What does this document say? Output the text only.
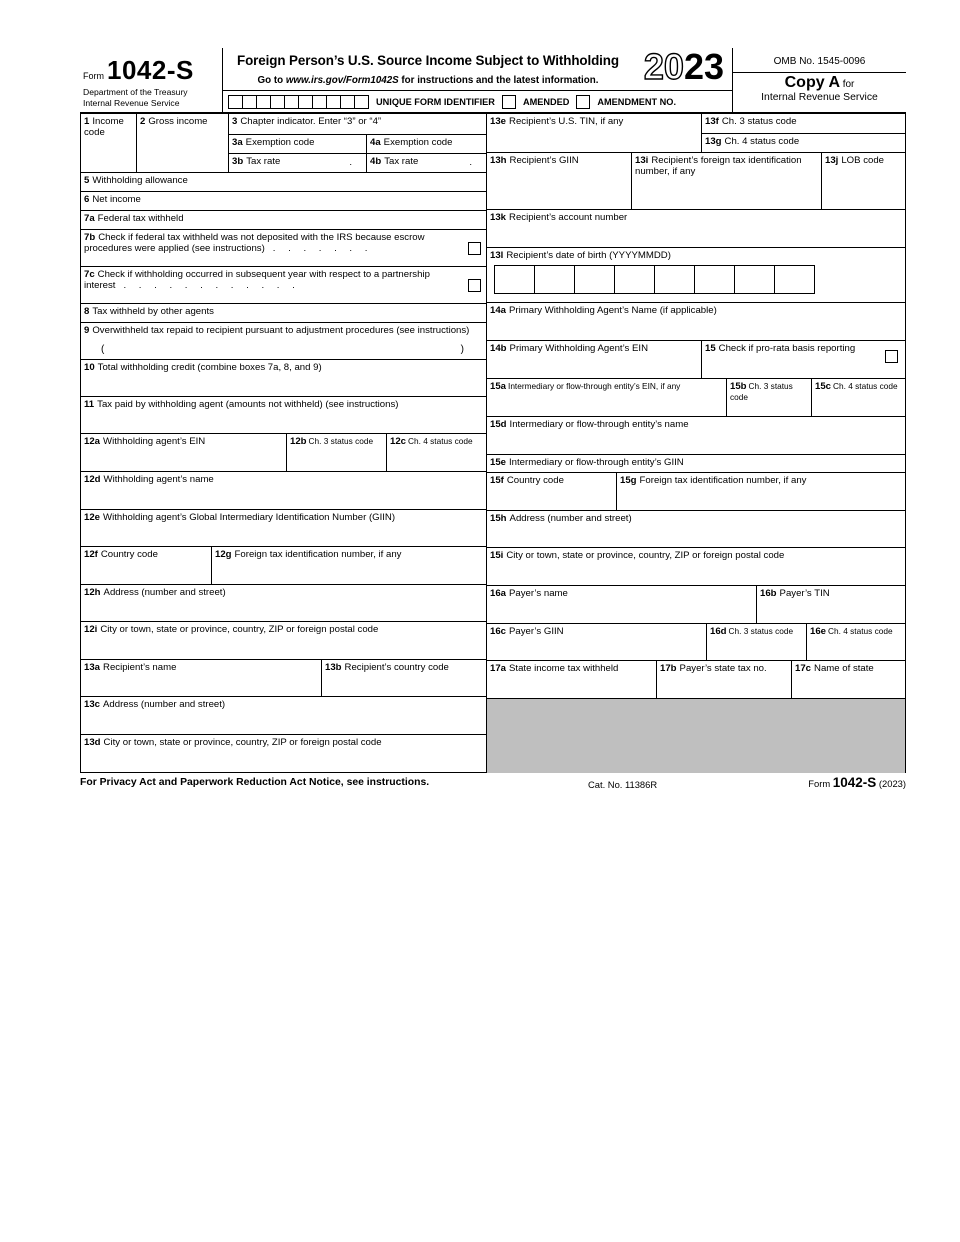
Form 1042-S
Department of the Treasury
Internal Revenue Service
Foreign Person’s U.S. Source Income Subject to Withholding
Go to www.irs.gov/Form1042S for instructions and the latest information.	2023
UNIQUE FORM IDENTIFIER	AMENDED	AMENDMENT NO.
OMB No. 1545-0096
Copy A for
Internal Revenue Service
1 Income code
2 Gross income	3 Chapter indicator. Enter “3” or “4”
3a Exemption code	4a Exemption code
3b Tax rate	.	4b Tax rate	.
5 Withholding allowance
6 Net income
7a Federal tax withheld
7b Check if federal tax withheld was not deposited with the IRS because escrow procedures were applied (see instructions) . . . . . . .
7c Check if withholding occurred in subsequent year with respect to a partnership interest . . . . . . . . . . . .
8 Tax withheld by other agents
9 Overwithheld tax repaid to recipient pursuant to adjustment procedures (see instructions)
(	)
10 Total withholding credit (combine boxes 7a, 8, and 9)
11 Tax paid by withholding agent (amounts not withheld) (see instructions)
12a Withholding agent’s EIN	12b Ch. 3 status code	12c Ch. 4 status code
12d Withholding agent’s name
12e Withholding agent’s Global Intermediary Identification Number (GIIN)
12f Country code	12g Foreign tax identification number, if any
12h Address (number and street)
12i City or town, state or province, country, ZIP or foreign postal code
13a Recipient’s name	13b Recipient’s country code
13c Address (number and street)
13d City or town, state or province, country, ZIP or foreign postal code
13e Recipient’s U.S. TIN, if any	13f Ch. 3 status code
13g Ch. 4 status code
13h Recipient’s GIIN	13i Recipient’s foreign tax identification number, if any
13j LOB code
13k Recipient’s account number
13l Recipient’s date of birth (YYYYMMDD)
14a Primary Withholding Agent’s Name (if applicable)
14b Primary Withholding Agent’s EIN	15 Check if pro-rata basis reporting
15a Intermediary or flow-through entity’s EIN, if any	15b Ch. 3 status code
15c Ch. 4 status code
15d Intermediary or flow-through entity’s name
15e Intermediary or flow-through entity’s GIIN
15f Country code	15g Foreign tax identification number, if any
15h Address (number and street)
15i City or town, state or province, country, ZIP or foreign postal code
16a Payer’s name	16b Payer’s TIN
16c Payer’s GIIN	16d Ch. 3 status code	16e Ch. 4 status code
17a State income tax withheld	17b Payer’s state tax no.	17c Name of state
For Privacy Act and Paperwork Reduction Act Notice, see instructions.	Cat. No. 11386R	Form 1042-S (2023)
